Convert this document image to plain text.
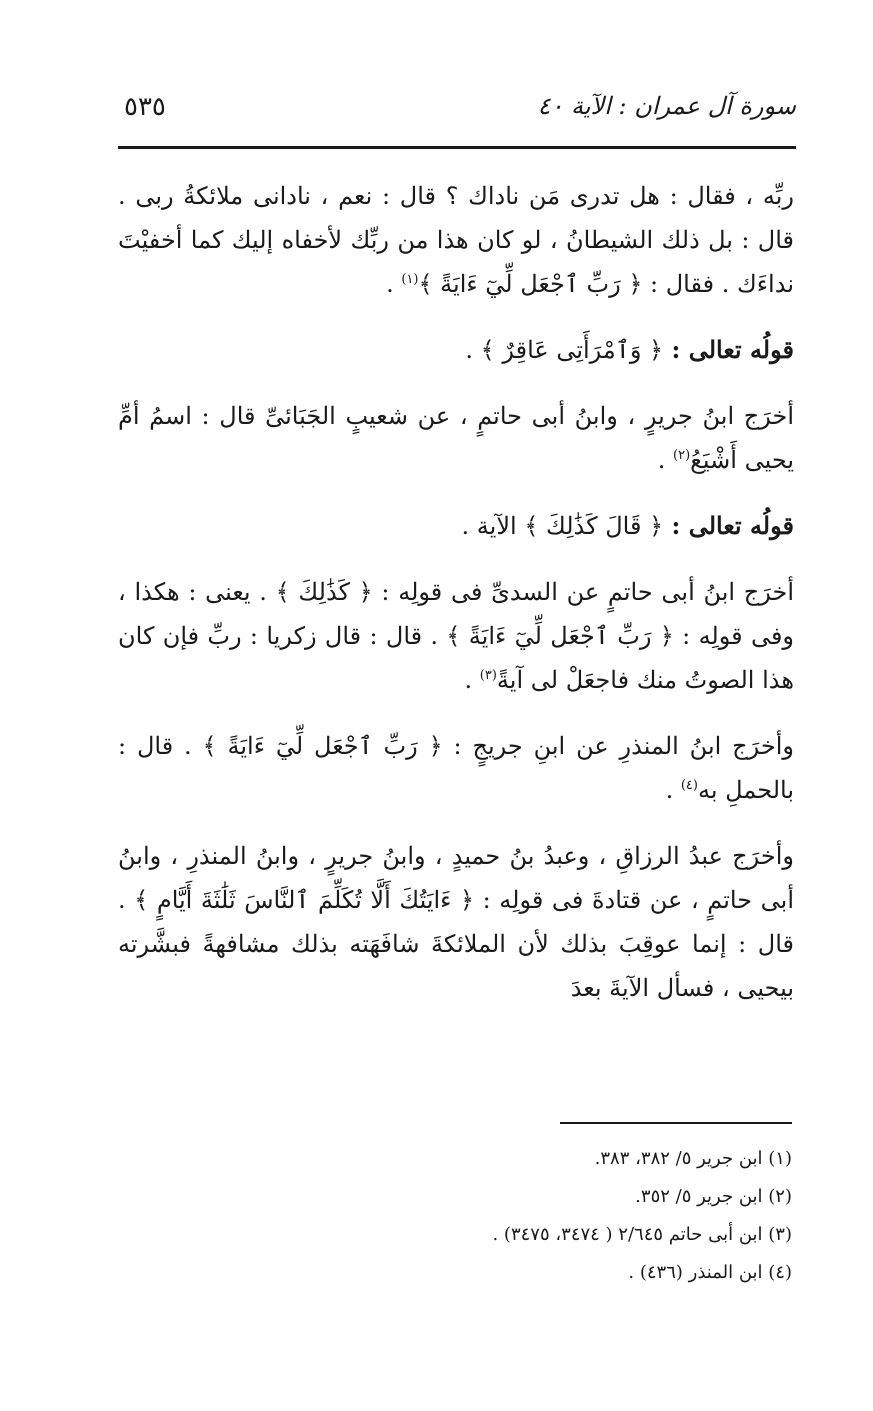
٥٣٥	سورة آل عمران : الآية ٤٠

ربِّه ، فقال : هل تدرى مَن ناداك ؟ قال : نعم ، نادانى ملائكةُ ربى . قال : بل ذلك الشيطانُ ، لو كان هذا من ربِّك لأخفاه إليك كما أخفيْتَ نداءَك . فقال : ﴿ رَبِّ ٱجْعَل لِّيٓ ءَايَةً ﴾$^{(١)}$ .

قولُه تعالى : ﴿ وَٱمْرَأَتِى عَاقِرٌ ﴾ .

أخرَج ابنُ جريرٍ ، وابنُ أبى حاتمٍ ، عن شعيبٍ الجَبَائىِّ قال : اسمُ أمِّ يحيى أَشْيَعُ$^{(٢)}$ .

قولُه تعالى : ﴿ قَالَ كَذَٰلِكَ ﴾ الآية .

أخرَج ابنُ أبى حاتمٍ عن السدىِّ فى قولِه : ﴿ كَذَٰلِكَ ﴾ . يعنى : هكذا ، وفى قولِه : ﴿ رَبِّ ٱجْعَل لِّيٓ ءَايَةً ﴾ . قال : قال زكريا : ربِّ فإن كان هذا الصوتُ منك فاجعَلْ لى آيةً$^{(٣)}$ .

وأخرَج ابنُ المنذرِ عن ابنِ جريجٍ : ﴿ رَبِّ ٱجْعَل لِّيٓ ءَايَةً ﴾ . قال : بالحملِ به$^{(٤)}$ .

وأخرَج عبدُ الرزاقِ ، وعبدُ بنُ حميدٍ ، وابنُ جريرٍ ، وابنُ المنذرِ ، وابنُ أبى حاتمٍ ، عن قتادةَ فى قولِه : ﴿ ءَايَتُكَ أَلَّا تُكَلِّمَ ٱلنَّاسَ ثَلَٰثَةَ أَيَّامٍ ﴾ . قال : إنما عوقِبَ بذلك لأن الملائكةَ شافَهَته بذلك مشافهةً فبشَّرته بيحيى ، فسأل الآيةَ بعدَ

(١) ابن جرير ٥/ ٣٨٢، ٣٨٣.
(٢) ابن جرير ٥/ ٣٥٢.
(٣) ابن أبى حاتم ٢/٦٤٥ ( ٣٤٧٤، ٣٤٧٥) .
(٤) ابن المنذر (٤٣٦) .
